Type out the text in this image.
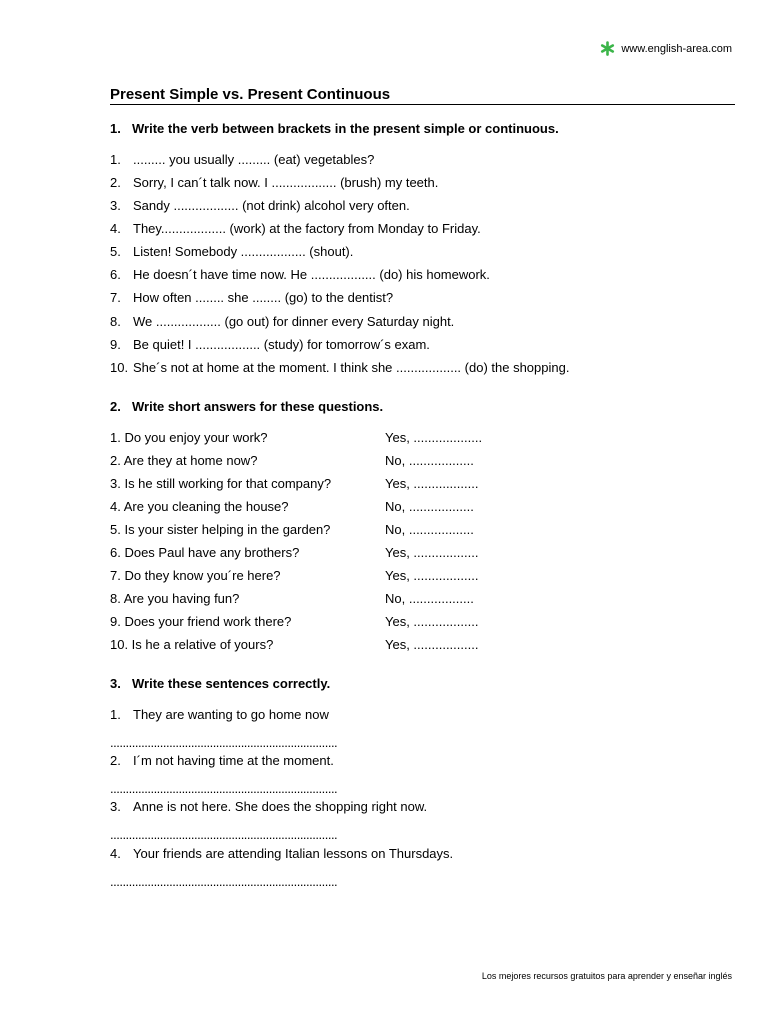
www.english-area.com
Present Simple vs. Present Continuous
1. Write the verb between brackets in the present simple or continuous.
1. ......... you usually ......... (eat) vegetables?
2. Sorry, I can´t talk now. I .................. (brush) my teeth.
3. Sandy .................. (not drink) alcohol very often.
4. They.................. (work) at the factory from Monday to Friday.
5. Listen! Somebody .................. (shout).
6. He doesn´t have time now. He .................. (do) his homework.
7. How often ........ she ........ (go) to the dentist?
8. We .................. (go out) for dinner every Saturday night.
9. Be quiet! I .................. (study) for tomorrow´s exam.
10. She´s not at home at the moment. I think she .................. (do) the shopping.
2. Write short answers for these questions.
1. Do you enjoy your work?	Yes, ...................
2. Are they at home now?	No, ..................
3. Is he still working for that company?	Yes, ..................
4. Are you cleaning the house?	No, ..................
5. Is your sister helping in the garden?	No, ..................
6. Does Paul have any brothers?	Yes, ..................
7. Do they know you´re here?	Yes, ..................
8. Are you having fun?	No, ..................
9. Does your friend work there?	Yes, ..................
10. Is he a relative of yours?	Yes, ..................
3. Write these sentences correctly.
1. They are wanting to go home now
.........................................................................
2. I´m not having time at the moment.
.........................................................................
3. Anne is not here. She does the shopping right now.
.........................................................................
4. Your friends are attending Italian lessons on Thursdays.
.........................................................................
Los mejores recursos gratuitos para aprender y enseñar inglés
